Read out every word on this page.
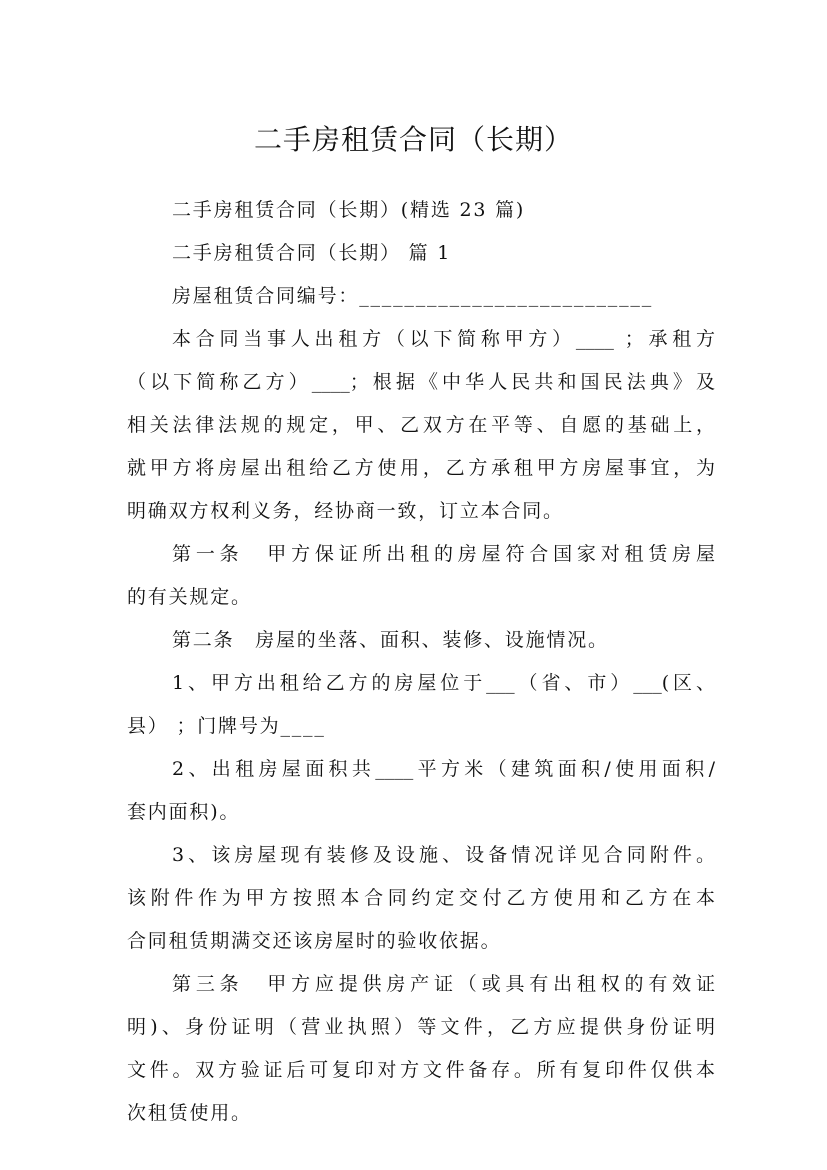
二手房租赁合同（长期）
二手房租赁合同（长期）(精选 23 篇)
二手房租赁合同（长期） 篇 1
房屋租赁合同编号：__________________________
本合同当事人出租方（以下简称甲方）____ ；承租方
（以下简称乙方）____；根据《中华人民共和国民法典》及
相关法律法规的规定，甲、乙双方在平等、自愿的基础上，
就甲方将房屋出租给乙方使用，乙方承租甲方房屋事宜，为
明确双方权利义务，经协商一致，订立本合同。
第一条　甲方保证所出租的房屋符合国家对租赁房屋
的有关规定。
第二条　房屋的坐落、面积、装修、设施情况。
1、甲方出租给乙方的房屋位于___（省、市）___(区、
县） ；门牌号为____
2、出租房屋面积共____平方米（建筑面积/使用面积/
套内面积)。
3、该房屋现有装修及设施、设备情况详见合同附件。
该附件作为甲方按照本合同约定交付乙方使用和乙方在本
合同租赁期满交还该房屋时的验收依据。
第三条　甲方应提供房产证（或具有出租权的有效证
明)、身份证明（营业执照）等文件，乙方应提供身份证明
文件。双方验证后可复印对方文件备存。所有复印件仅供本
次租赁使用。
